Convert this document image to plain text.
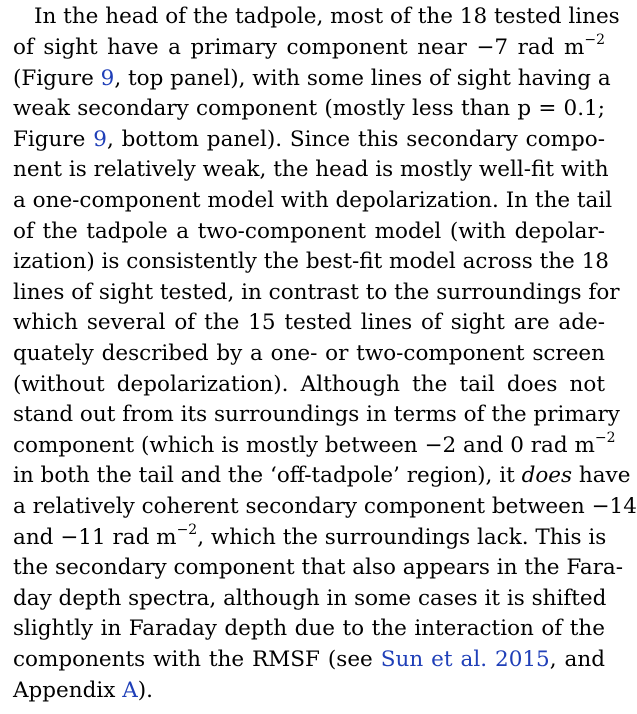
In the head of the tadpole, most of the 18 tested lines
of sight have a primary component near −7 rad $m^{-2}$
(Figure 9, top panel), with some lines of sight having a
weak secondary component (mostly less than p = 0.1;
Figure 9, bottom panel). Since this secondary compo-
nent is relatively weak, the head is mostly well-fit with
a one-component model with depolarization. In the tail
of the tadpole a two-component model (with depolar-
ization) is consistently the best-fit model across the 18
lines of sight tested, in contrast to the surroundings for
which several of the 15 tested lines of sight are ade-
quately described by a one- or two-component screen
(without depolarization). Although the tail does not
stand out from its surroundings in terms of the primary
component (which is mostly between −2 and 0 rad $m^{-2}$
in both the tail and the ‘off-tadpole’ region), it does have
a relatively coherent secondary component between −14
and −11 rad $m^{-2}$, which the surroundings lack. This is
the secondary component that also appears in the Fara-
day depth spectra, although in some cases it is shifted
slightly in Faraday depth due to the interaction of the
components with the RMSF (see Sun et al. 2015, and
Appendix A).
